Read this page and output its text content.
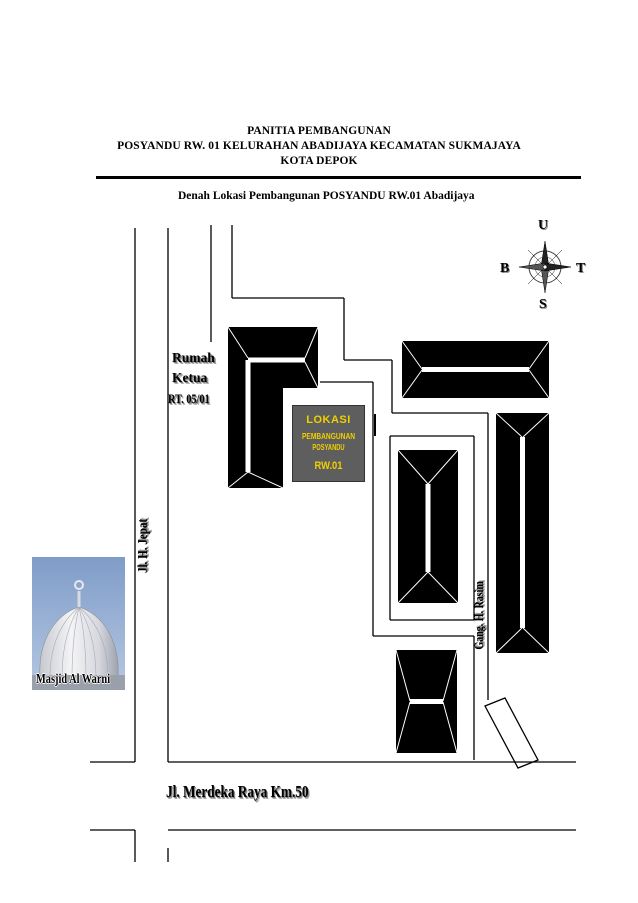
PANITIA PEMBANGUNAN
POSYANDU RW. 01 KELURAHAN ABADIJAYA KECAMATAN SUKMAJAYA
KOTA DEPOK
Denah Lokasi Pembangunan POSYANDU RW.01 Abadijaya
U
B	T
S
Rumah
Ketua
RT. 05/01
LOKASI
PEMBANGUNAN
POSYANDU
RW.01
Jl. H. Jepat
Gang. H. Rasim
Jl. Merdeka Raya Km.50
Masjid Al Warni
